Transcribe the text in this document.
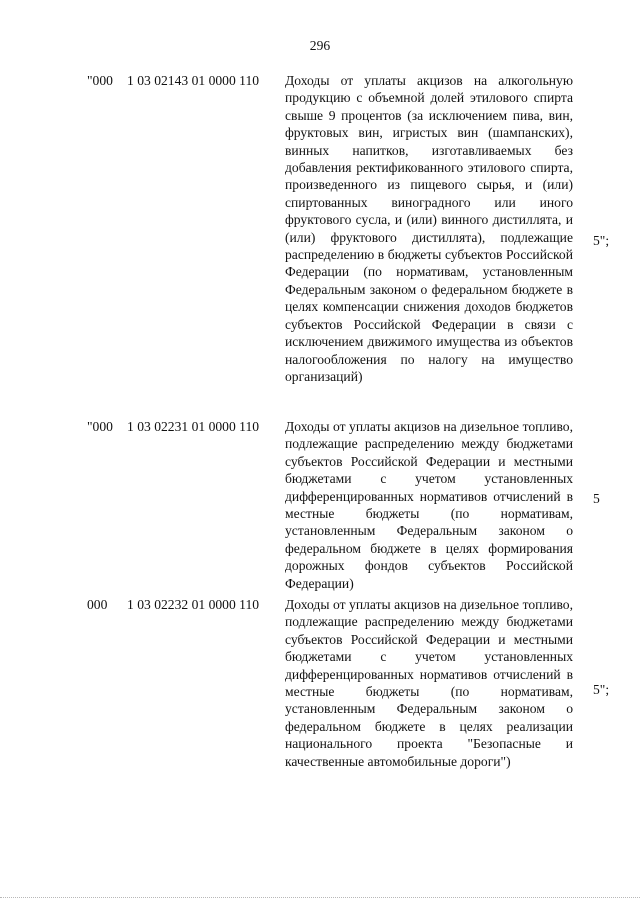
296
"000 1 03 02143 01 0000 110 Доходы от уплаты акцизов на алкогольную продукцию с объемной долей этилового спирта свыше 9 процентов (за исключением пива, вин, фруктовых вин, игристых вин (шампанских), винных напитков, изготавливаемых без добавления ректификованного этилового спирта, произведенного из пищевого сырья, и (или) спиртованных виноградного или иного фруктового сусла, и (или) винного дистиллята, и (или) фруктового дистиллята), подлежащие распределению в бюджеты субъектов Российской Федерации (по нормативам, установленным Федеральным законом о федеральном бюджете в целях компенсации снижения доходов бюджетов субъектов Российской Федерации в связи с исключением движимого имущества из объектов налогообложения по налогу на имущество организаций)
5";
"000 1 03 02231 01 0000 110 Доходы от уплаты акцизов на дизельное топливо, подлежащие распределению между бюджетами субъектов Российской Федерации и местными бюджетами с учетом установленных дифференцированных нормативов отчислений в местные бюджеты (по нормативам, установленным Федеральным законом о федеральном бюджете в целях формирования дорожных фондов субъектов Российской Федерации)
5
000 1 03 02232 01 0000 110 Доходы от уплаты акцизов на дизельное топливо, подлежащие распределению между бюджетами субъектов Российской Федерации и местными бюджетами с учетом установленных дифференцированных нормативов отчислений в местные бюджеты (по нормативам, установленным Федеральным законом о федеральном бюджете в целях реализации национального проекта "Безопасные и качественные автомобильные дороги")
5";
